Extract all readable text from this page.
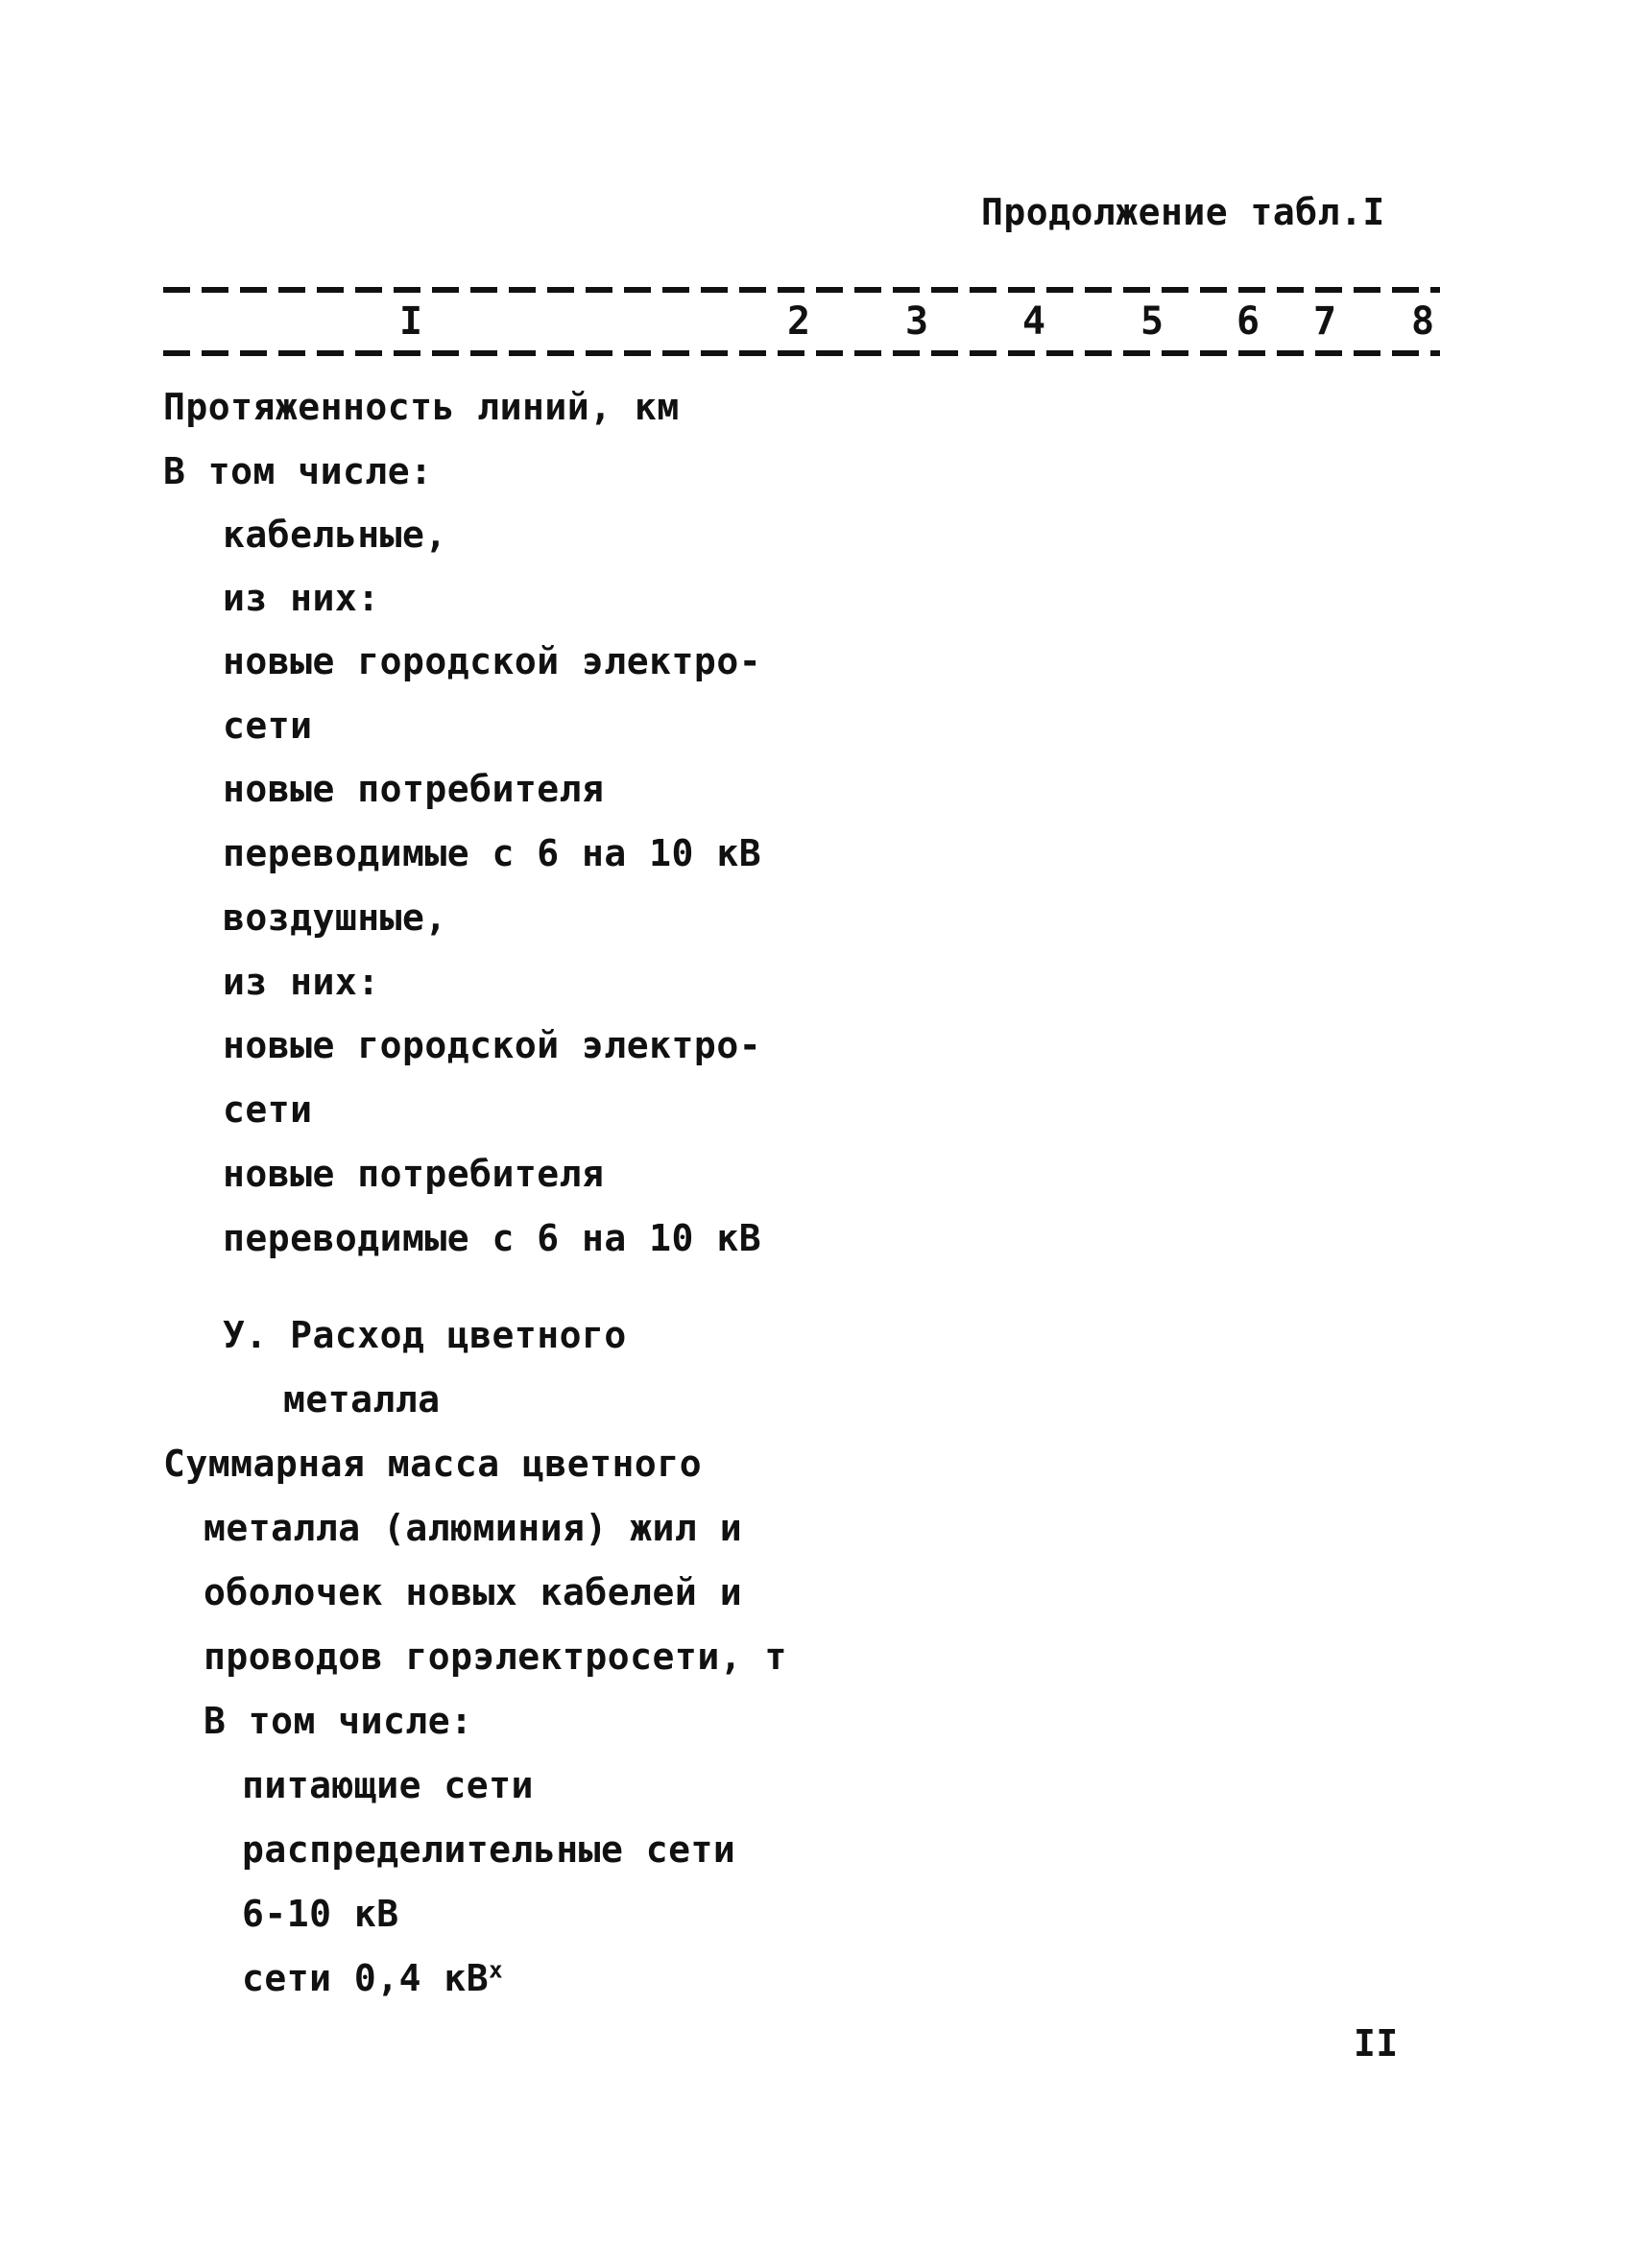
Продолжение табл.I
I	2 3 4 5 6 7 8
Протяженность линий, км
В том числе:
кабельные,
из них:
новые городской электро-
сети
новые потребителя
переводимые с 6 на 10 кВ
воздушные,
из них:
новые городской электро-
сети
новые потребителя
переводимые с 6 на 10 кВ
У. Расход цветного
металла
Суммарная масса цветного
металла (алюминия) жил и
оболочек новых кабелей и
проводов горэлектросети, т
В том числе:
питающие сети
распределительные сети
6-10 кВ
сети 0,4 $кВ^x$
II
